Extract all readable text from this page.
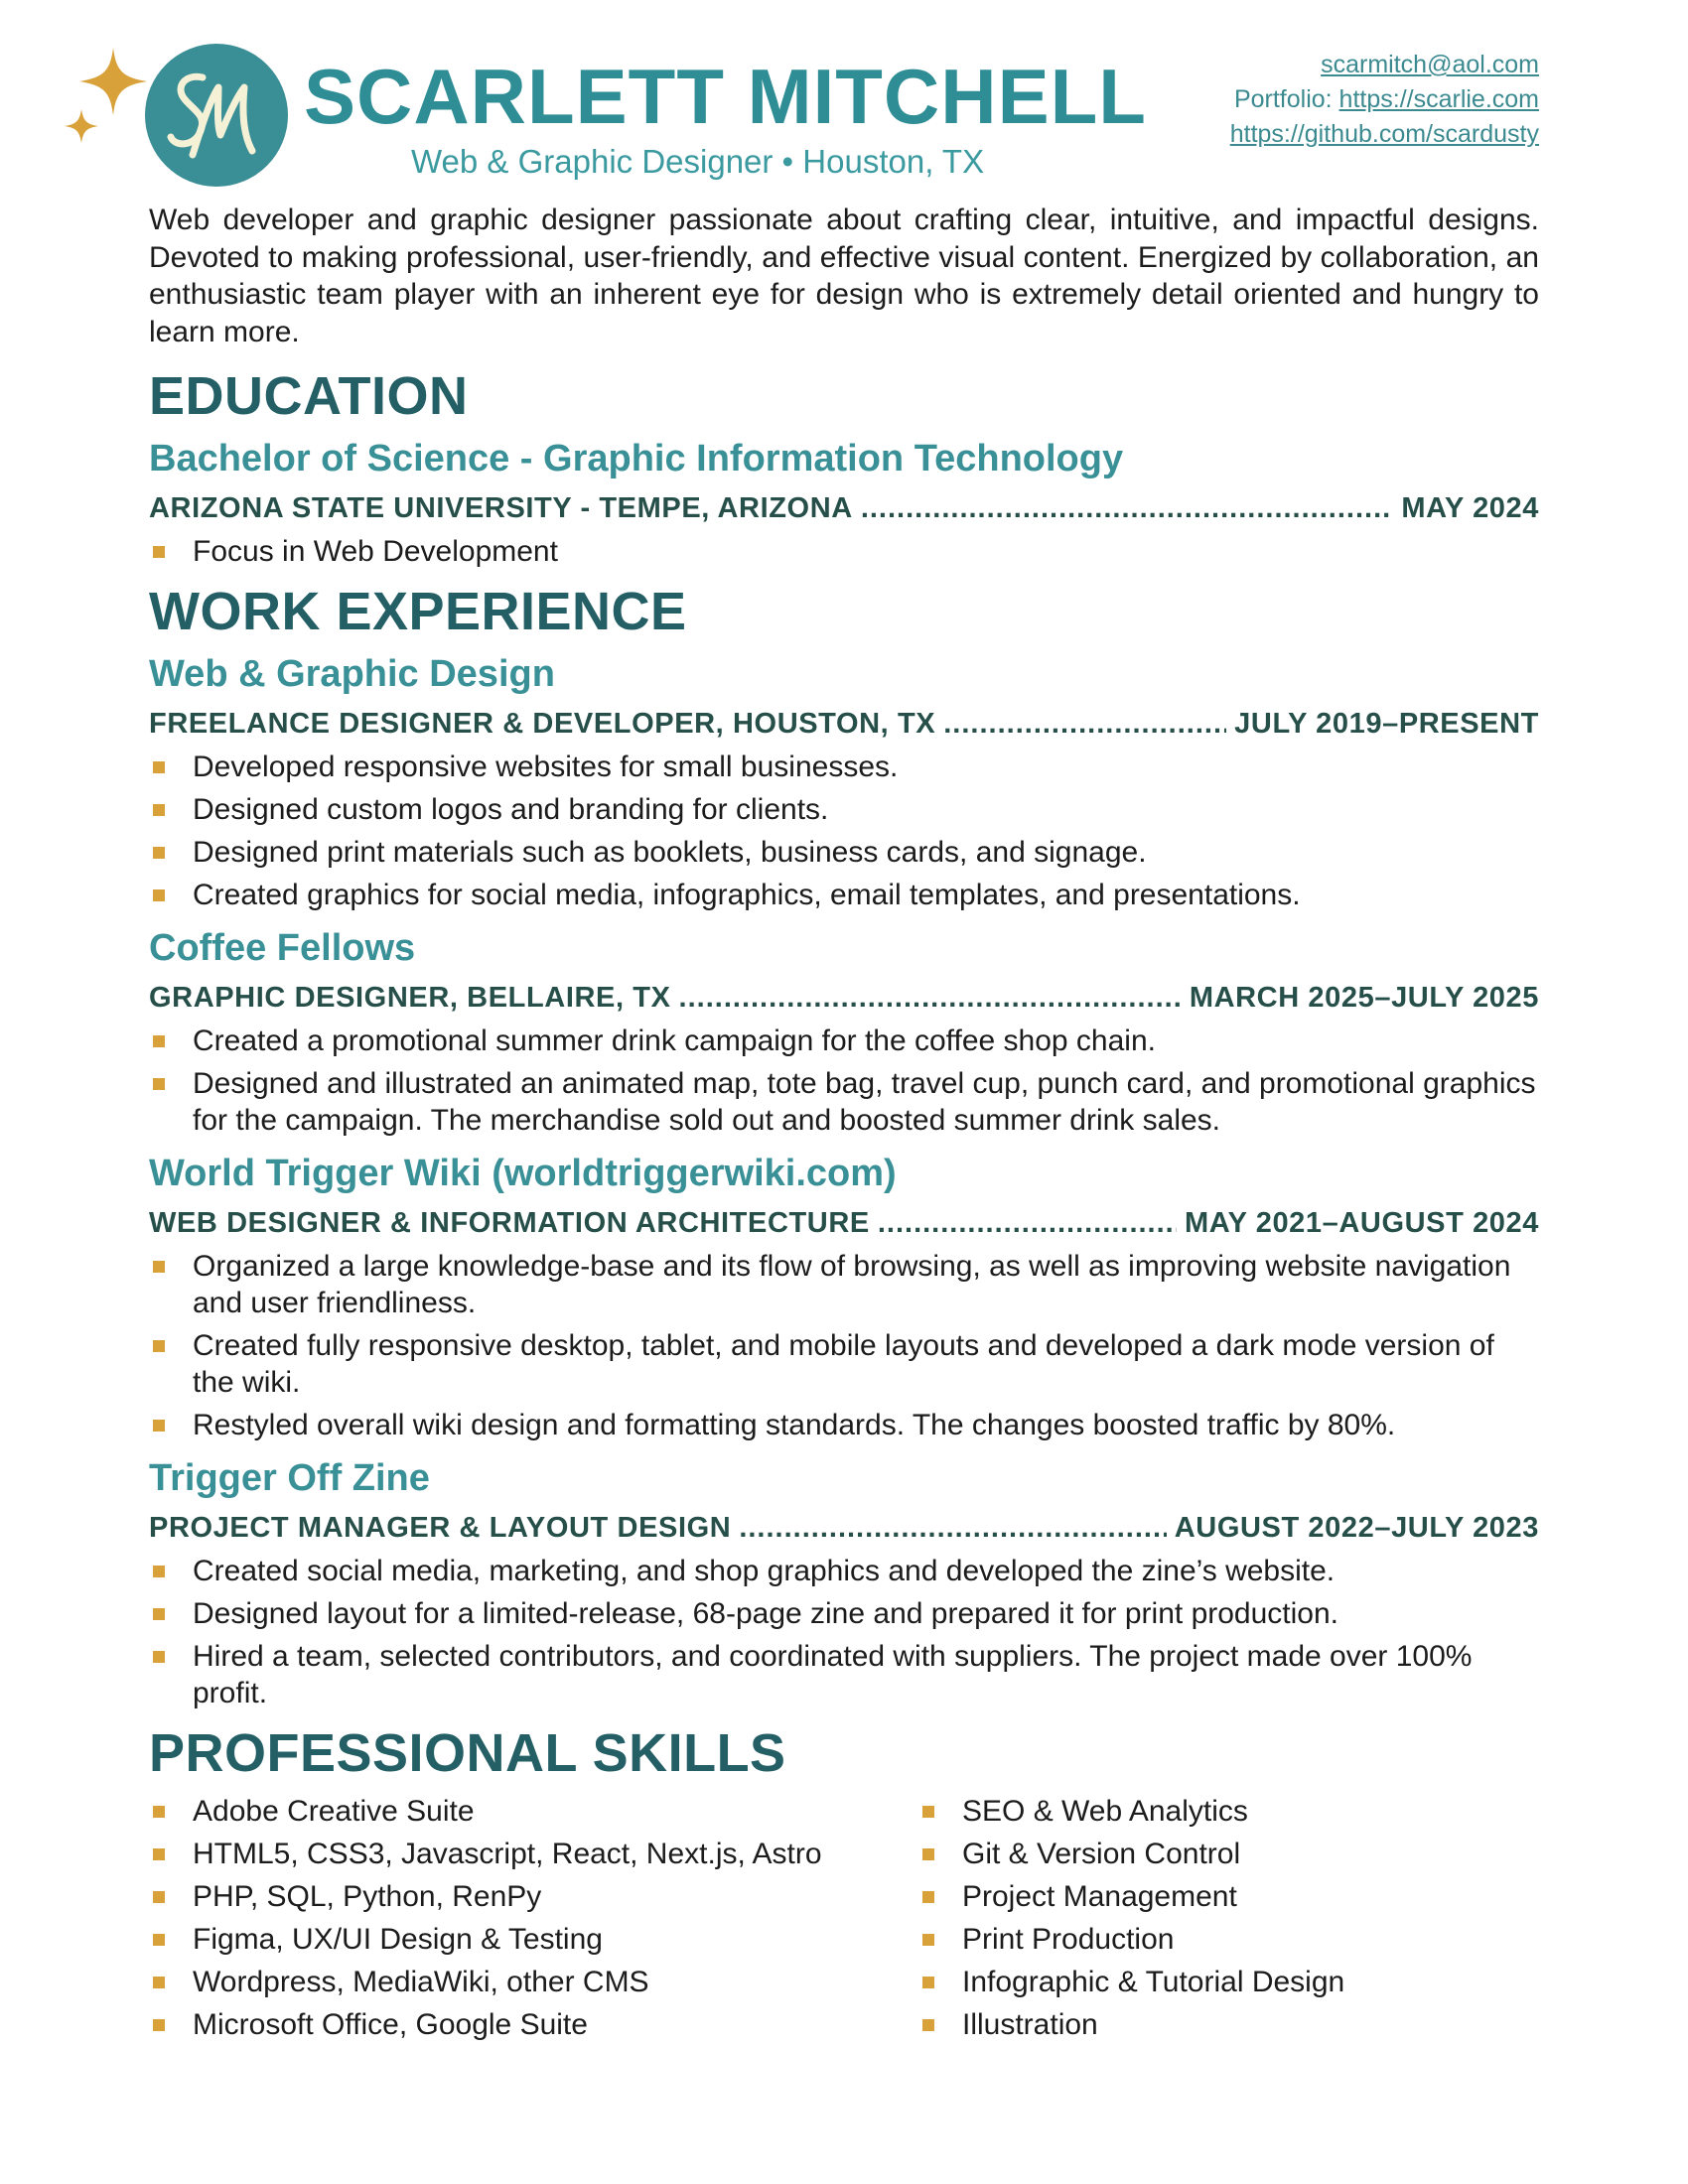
SCARLETT MITCHELL
Web & Graphic Designer • Houston, TX
scarmitch@aol.com
Portfolio: https://scarlie.com
https://github.com/scardusty

Web developer and graphic designer passionate about crafting clear, intuitive, and impactful designs. Devoted to making professional, user-friendly, and effective visual content. Energized by collaboration, an enthusiastic team player with an inherent eye for design who is extremely detail oriented and hungry to learn more.

EDUCATION
Bachelor of Science - Graphic Information Technology
ARIZONA STATE UNIVERSITY - TEMPE, ARIZONA .....	MAY 2024
Focus in Web Development
WORK EXPERIENCE
Web & Graphic Design
FREELANCE DESIGNER & DEVELOPER, HOUSTON, TX .....	JULY 2019–PRESENT
Developed responsive websites for small businesses.
Designed custom logos and branding for clients.
Designed print materials such as booklets, business cards, and signage.
Created graphics for social media, infographics, email templates, and presentations.
Coffee Fellows
GRAPHIC DESIGNER, BELLAIRE, TX .....	MARCH 2025–JULY 2025
Created a promotional summer drink campaign for the coffee shop chain.
Designed and illustrated an animated map, tote bag, travel cup, punch card, and promotional graphics for the campaign. The merchandise sold out and boosted summer drink sales.
World Trigger Wiki (worldtriggerwiki.com)
WEB DESIGNER & INFORMATION ARCHITECTURE .....	MAY 2021–AUGUST 2024
Organized a large knowledge-base and its flow of browsing, as well as improving website navigation and user friendliness.
Created fully responsive desktop, tablet, and mobile layouts and developed a dark mode version of the wiki.
Restyled overall wiki design and formatting standards. The changes boosted traffic by 80%.
Trigger Off Zine
PROJECT MANAGER & LAYOUT DESIGN .....	AUGUST 2022–JULY 2023
Created social media, marketing, and shop graphics and developed the zine’s website.
Designed layout for a limited-release, 68-page zine and prepared it for print production.
Hired a team, selected contributors, and coordinated with suppliers. The project made over 100% profit.
PROFESSIONAL SKILLS
Adobe Creative Suite
HTML5, CSS3, Javascript, React, Next.js, Astro
PHP, SQL, Python, RenPy
Figma, UX/UI Design & Testing
Wordpress, MediaWiki, other CMS
Microsoft Office, Google Suite
SEO & Web Analytics
Git & Version Control
Project Management
Print Production
Infographic & Tutorial Design
Illustration
